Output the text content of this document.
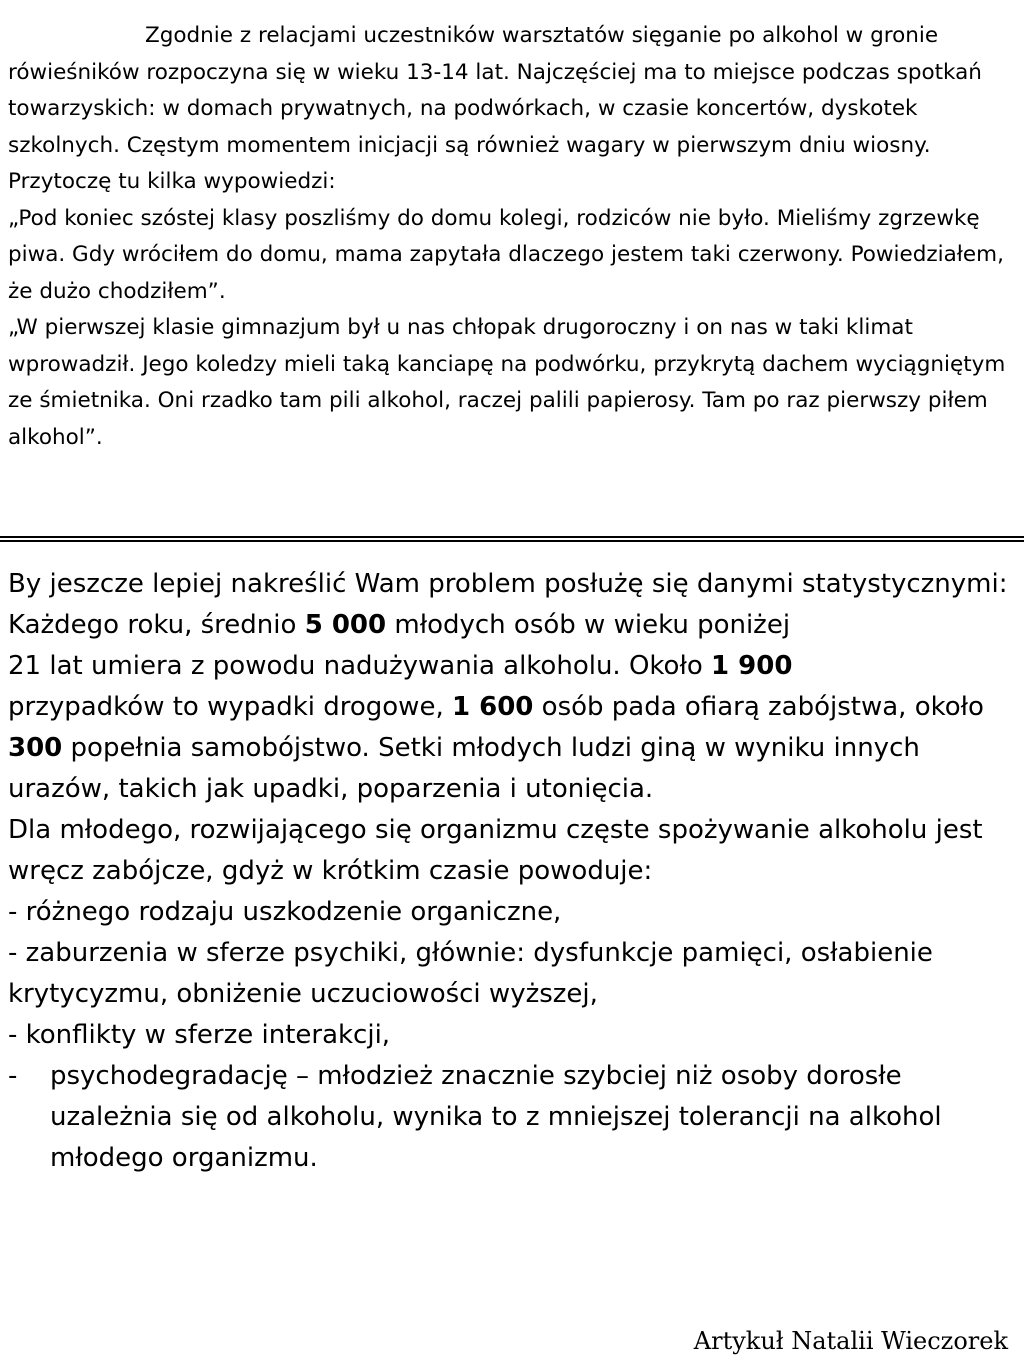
Zgodnie z relacjami uczestników warsztatów sięganie po alkohol w gronie rówieśników rozpoczyna się w wieku 13-14 lat. Najczęściej ma to miejsce podczas spotkań towarzyskich: w domach prywatnych, na podwórkach, w czasie koncertów, dyskotek szkolnych. Częstym momentem inicjacji są również wagary w pierwszym dniu wiosny. Przytoczę tu kilka wypowiedzi:

„Pod koniec szóstej klasy poszliśmy do domu kolegi, rodziców nie było. Mieliśmy zgrzewkę piwa. Gdy wróciłem do domu, mama zapytała dlaczego jestem taki czerwony. Powiedziałem, że dużo chodziłem”.

„W pierwszej klasie gimnazjum był u nas chłopak drugoroczny i on nas w taki klimat wprowadził. Jego koledzy mieli taką kanciapę na podwórku, przykrytą dachem wyciągniętym ze śmietnika. Oni rzadko tam pili alkohol, raczej palili papierosy. Tam po raz pierwszy piłem alkohol”.

By jeszcze lepiej nakreślić Wam problem posłużę się danymi statystycznymi:

Każdego roku, średnio 5 000 młodych osób w wieku poniżej
21 lat umiera z powodu nadużywania alkoholu. Około 1 900
przypadków to wypadki drogowe, 1 600 osób pada ofiarą zabójstwa, około 300 popełnia samobójstwo. Setki młodych ludzi giną w wyniku innych urazów, takich jak upadki, poparzenia i utonięcia.

Dla młodego, rozwijającego się organizmu częste spożywanie alkoholu jest wręcz zabójcze, gdyż w krótkim czasie powoduje:

- różnego rodzaju uszkodzenie organiczne,

- zaburzenia w sferze psychiki, głównie: dysfunkcje pamięci, osłabienie krytycyzmu, obniżenie uczuciowości wyższej,

- konflikty w sferze interakcji,

-	psychodegradację – młodzież znacznie szybciej niż osoby dorosłe uzależnia się od alkoholu, wynika to z mniejszej tolerancji na alkohol młodego organizmu.
Artykuł Natalii Wieczorek
